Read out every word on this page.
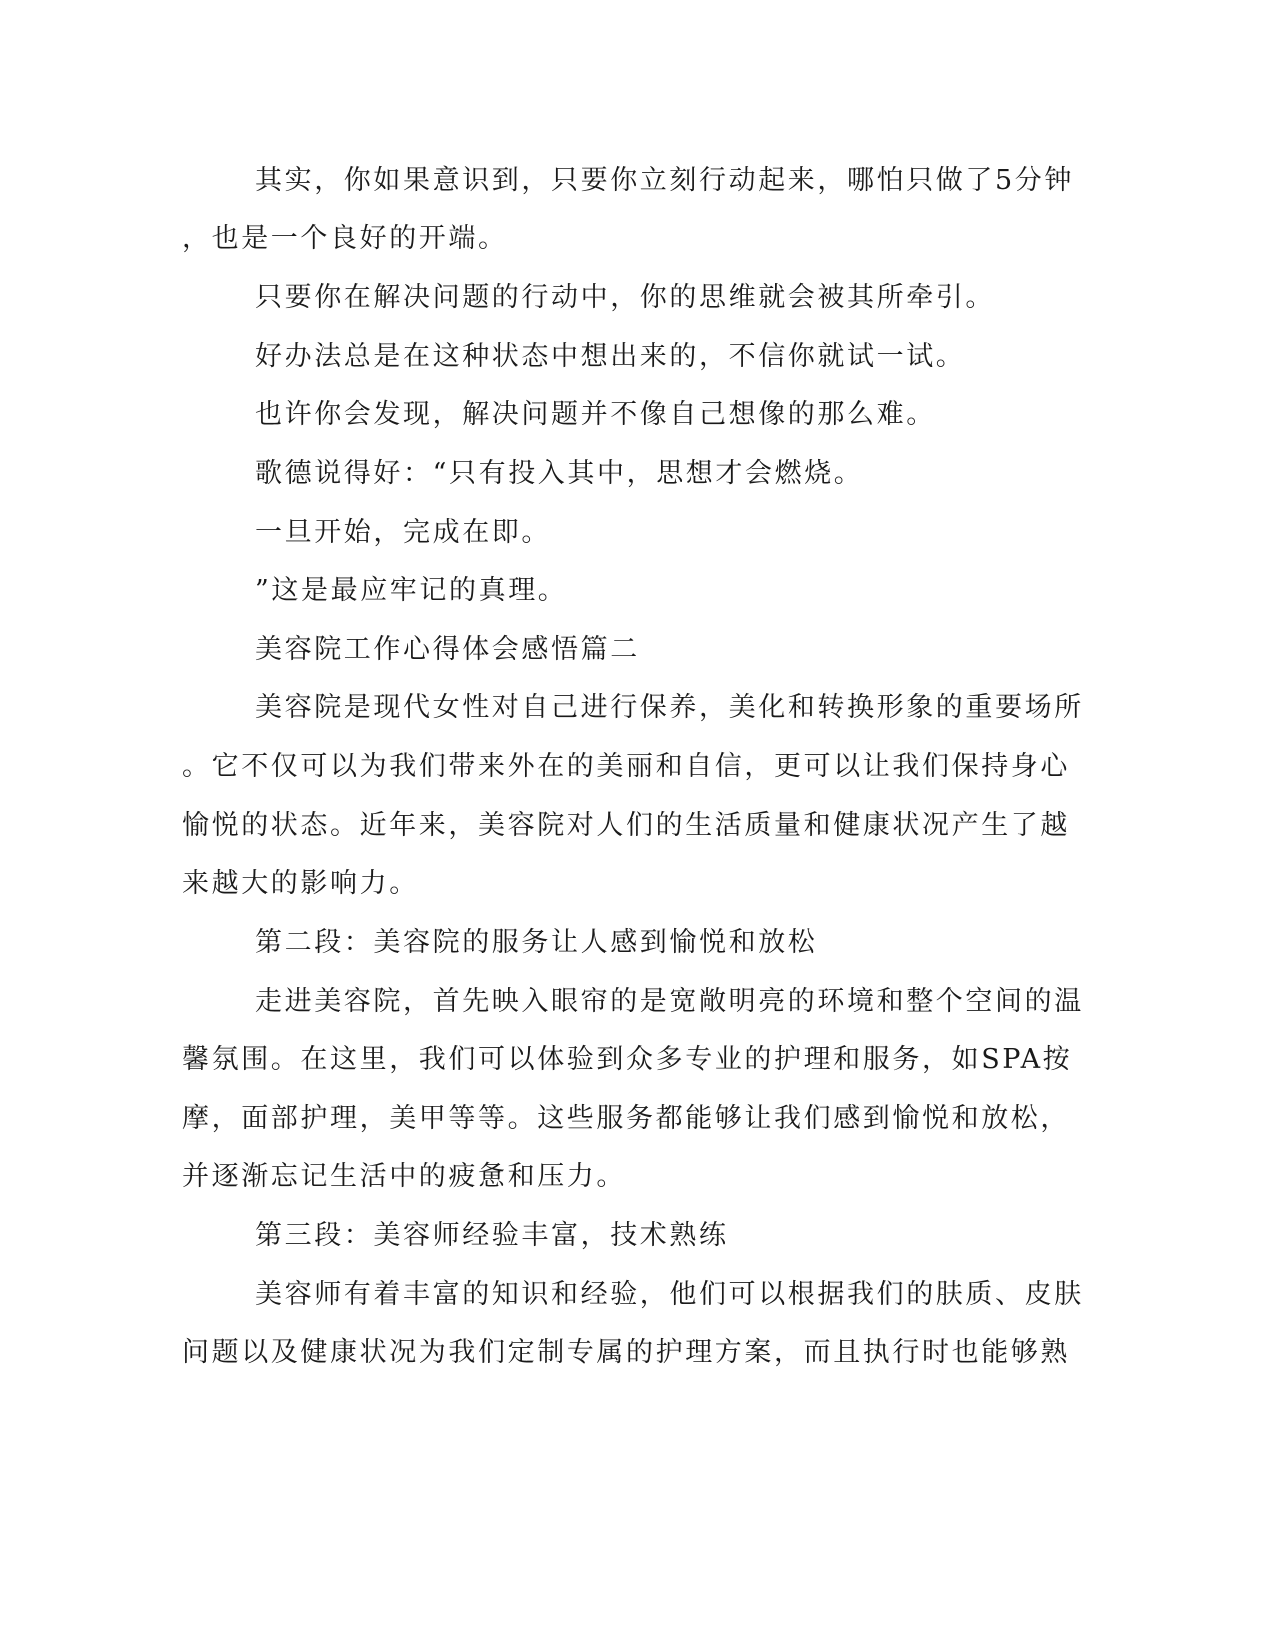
其实，你如果意识到，只要你立刻行动起来，哪怕只做了5分钟
，也是一个良好的开端。
只要你在解决问题的行动中，你的思维就会被其所牵引。
好办法总是在这种状态中想出来的，不信你就试一试。
也许你会发现，解决问题并不像自己想像的那么难。
歌德说得好：“只有投入其中，思想才会燃烧。
一旦开始，完成在即。
”这是最应牢记的真理。
美容院工作心得体会感悟篇二
美容院是现代女性对自己进行保养，美化和转换形象的重要场所
。它不仅可以为我们带来外在的美丽和自信，更可以让我们保持身心
愉悦的状态。近年来，美容院对人们的生活质量和健康状况产生了越
来越大的影响力。
第二段：美容院的服务让人感到愉悦和放松
走进美容院，首先映入眼帘的是宽敞明亮的环境和整个空间的温
馨氛围。在这里，我们可以体验到众多专业的护理和服务，如SPA按
摩，面部护理，美甲等等。这些服务都能够让我们感到愉悦和放松，
并逐渐忘记生活中的疲惫和压力。
第三段：美容师经验丰富，技术熟练
美容师有着丰富的知识和经验，他们可以根据我们的肤质、皮肤
问题以及健康状况为我们定制专属的护理方案，而且执行时也能够熟
